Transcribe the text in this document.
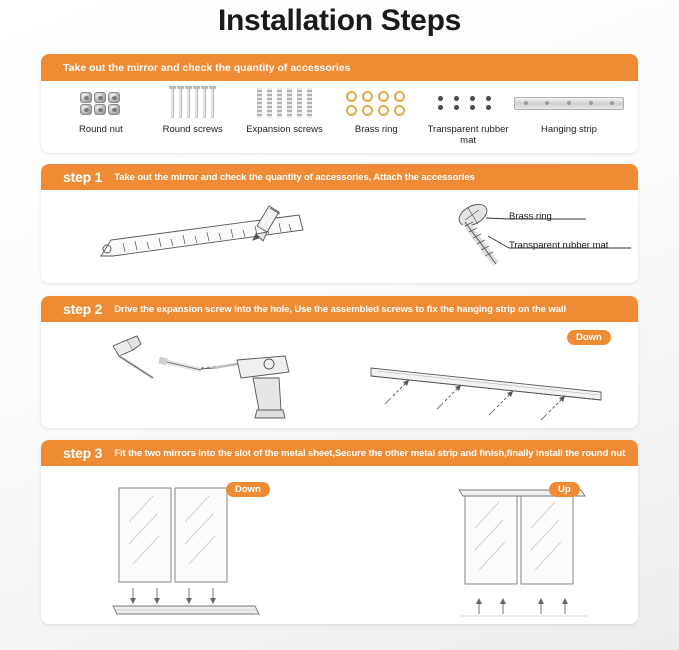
Installation Steps
Take out the mirror and check the quantity of accessories
Round nut	Round screws	Expansion screws	Brass ring	Transparent rubber mat
Hanging strip
step 1 Take out the mirror and check the quantity of accessories, Attach the accessories
Brass ring
Transparent rubber mat
step 2 Drive the expansion screw into the hole, Use the assembled screws to fix the hanging strip on the wall
Down
step 3 Fit the two mirrors into the slot of the metal sheet,Secure the other metal strip and finish,finally install the round nut
Down	Up
